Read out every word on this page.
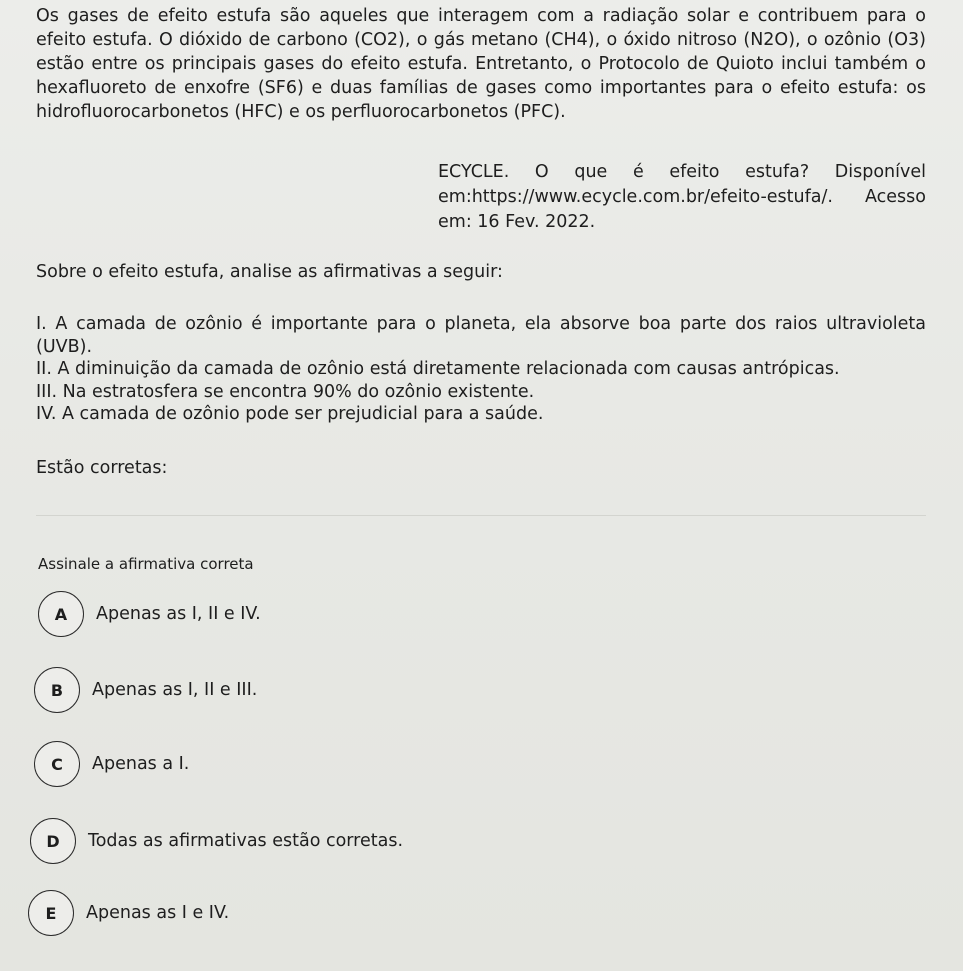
Os gases de efeito estufa são aqueles que interagem com a radiação solar e contribuem para o efeito estufa. O dióxido de carbono (CO2), o gás metano (CH4), o óxido nitroso (N2O), o ozônio (O3) estão entre os principais gases do efeito estufa. Entretanto, o Protocolo de Quioto inclui também o hexafluoreto de enxofre (SF6) e duas famílias de gases como importantes para o efeito estufa: os hidrofluorocarbonetos (HFC) e os perfluorocarbonetos (PFC).

ECYCLE. O que é efeito estufa? Disponível em:https://www.ecycle.com.br/efeito-estufa/. Acesso em: 16 Fev. 2022.

Sobre o efeito estufa, analise as afirmativas a seguir:

I. A camada de ozônio é importante para o planeta, ela absorve boa parte dos raios ultravioleta (UVB).
II. A diminuição da camada de ozônio está diretamente relacionada com causas antrópicas.
III. Na estratosfera se encontra 90% do ozônio existente.
IV. A camada de ozônio pode ser prejudicial para a saúde.

Estão corretas:

Assinale a afirmativa correta

A	Apenas as I, II e IV.
B	Apenas as I, II e III.
C	Apenas a I.
D	Todas as afirmativas estão corretas.
E	Apenas as I e IV.
